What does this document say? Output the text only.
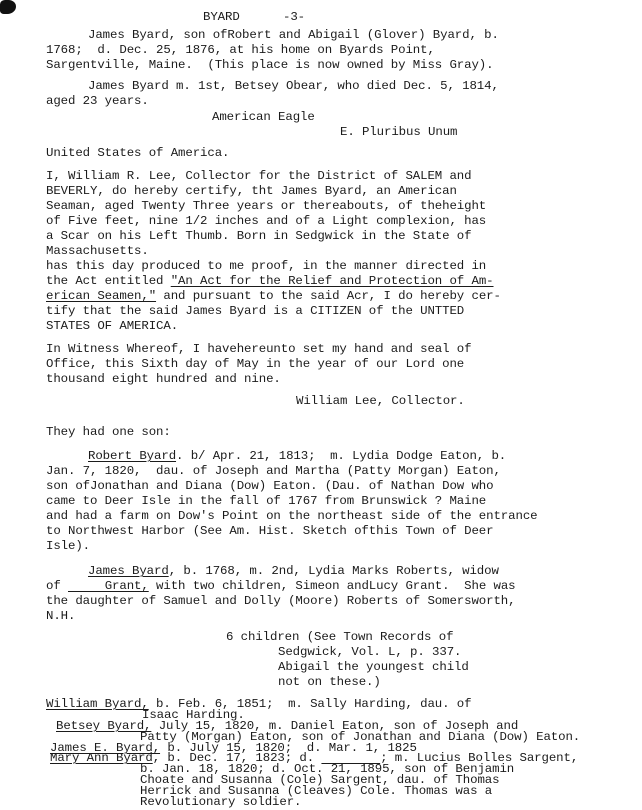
BYARD	-3-
James Byard, son ofRobert and Abigail (Glover) Byard, b.
1768;  d. Dec. 25, 1876, at his home on Byards Point,
Sargentville, Maine.  (This place is now owned by Miss Gray).
James Byard m. 1st, Betsey Obear, who died Dec. 5, 1814,
aged 23 years.
American Eagle
E. Pluribus Unum
United States of America.
I, William R. Lee, Collector for the District of SALEM and
BEVERLY, do hereby certify, tht James Byard, an American
Seaman, aged Twenty Three years or thereabouts, of theheight
of Five feet, nine 1/2 inches and of a Light complexion, has
a Scar on his Left Thumb. Born in Sedgwick in the State of
Massachusetts.
has this day produced to me proof, in the manner directed in
the Act entitled "An Act for the Relief and Protection of Am-
erican Seamen," and pursuant to the said Acr, I do hereby cer-
tify that the said James Byard is a CITIZEN of the UNTTED
STATES OF AMERICA.
In Witness Whereof, I havehereunto set my hand and seal of
Office, this Sixth day of May in the year of our Lord one
thousand eight hundred and nine.
William Lee, Collector.
They had one son:
Robert Byard. b/ Apr. 21, 1813;  m. Lydia Dodge Eaton, b.
Jan. 7, 1820,  dau. of Joseph and Martha (Patty Morgan) Eaton,
son ofJonathan and Diana (Dow) Eaton. (Dau. of Nathan Dow who
came to Deer Isle in the fall of 1767 from Brunswick ? Maine
and had a farm on Dow's Point on the northeast side of the entrance
to Northwest Harbor (See Am. Hist. Sketch ofthis Town of Deer
Isle).
James Byard, b. 1768, m. 2nd, Lydia Marks Roberts, widow
of      Grant, with two children, Simeon andLucy Grant.  She was
the daughter of Samuel and Dolly (Moore) Roberts of Somersworth,
N.H.
6 children (See Town Records of
Sedgwick, Vol. L, p. 337.
Abigail the youngest child
not on these.)
William Byard, b. Feb. 6, 1851;  m. Sally Harding, dau. of
Isaac Harding.
Betsey Byard, July 15, 1820, m. Daniel Eaton, son of Joseph and
Patty (Morgan) Eaton, son of Jonathan and Diana (Dow) Eaton.
James E. Byard, b. July 15, 1820;  d. Mar. 1, 1825
Mary Ann Byard, b. Dec. 17, 1823; d.	; m. Lucius Bolles Sargent,
b. Jan. 18, 1820; d. Oct. 21, 1895, son of Benjamin
Choate and Susanna (Cole) Sargent, dau. of Thomas
Herrick and Susanna (Cleaves) Cole. Thomas was a
Revolutionary soldier.
